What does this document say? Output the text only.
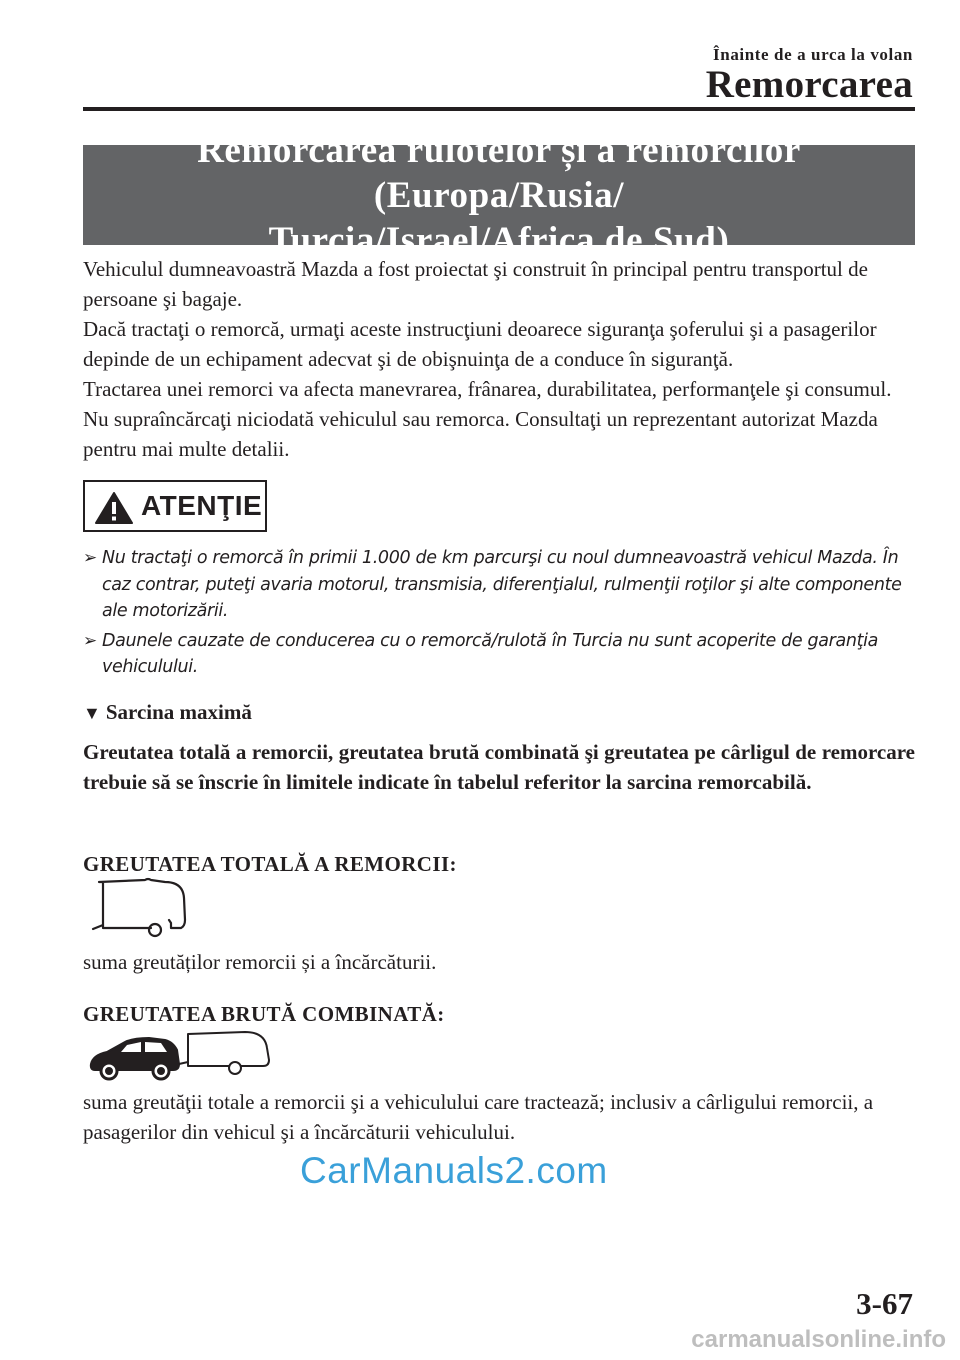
Înainte de a urca la volan
Remorcarea
Remorcarea rulotelor și a remorcilor (Europa/Rusia/
Turcia/Israel/Africa de Sud)
Vehiculul dumneavoastră Mazda a fost proiectat şi construit în principal pentru transportul de persoane şi bagaje.
Dacă tractaţi o remorcă, urmaţi aceste instrucţiuni deoarece siguranţa şoferului şi a pasagerilor depinde de un echipament adecvat şi de obişnuinţa de a conduce în siguranţă.
Tractarea unei remorci va afecta manevrarea, frânarea, durabilitatea, performanţele şi consumul.
Nu supraîncărcaţi niciodată vehiculul sau remorca. Consultaţi un reprezentant autorizat Mazda pentru mai multe detalii.
ATENŢIE
➢ Nu tractaţi o remorcă în primii 1.000 de km parcurşi cu noul dumneavoastră vehicul Mazda. În caz contrar, puteţi avaria motorul, transmisia, diferenţialul, rulmenţii roţilor şi alte componente ale motorizării.
➢ Daunele cauzate de conducerea cu o remorcă/rulotă în Turcia nu sunt acoperite de garanţia vehiculului.
▼ Sarcina maximă
Greutatea totală a remorcii, greutatea brută combinată şi greutatea pe cârligul de remorcare trebuie să se înscrie în limitele indicate în tabelul referitor la sarcina remorcabilă.
GREUTATEA TOTALĂ A REMORCII:
suma greutăților remorcii și a încărcăturii.
GREUTATEA BRUTĂ COMBINATĂ:
suma greutăţii totale a remorcii şi a vehiculului care tractează; inclusiv a cârligului remorcii, a pasagerilor din vehicul şi a încărcăturii vehiculului.
CarManuals2.com
3-67
carmanualsonline.info
